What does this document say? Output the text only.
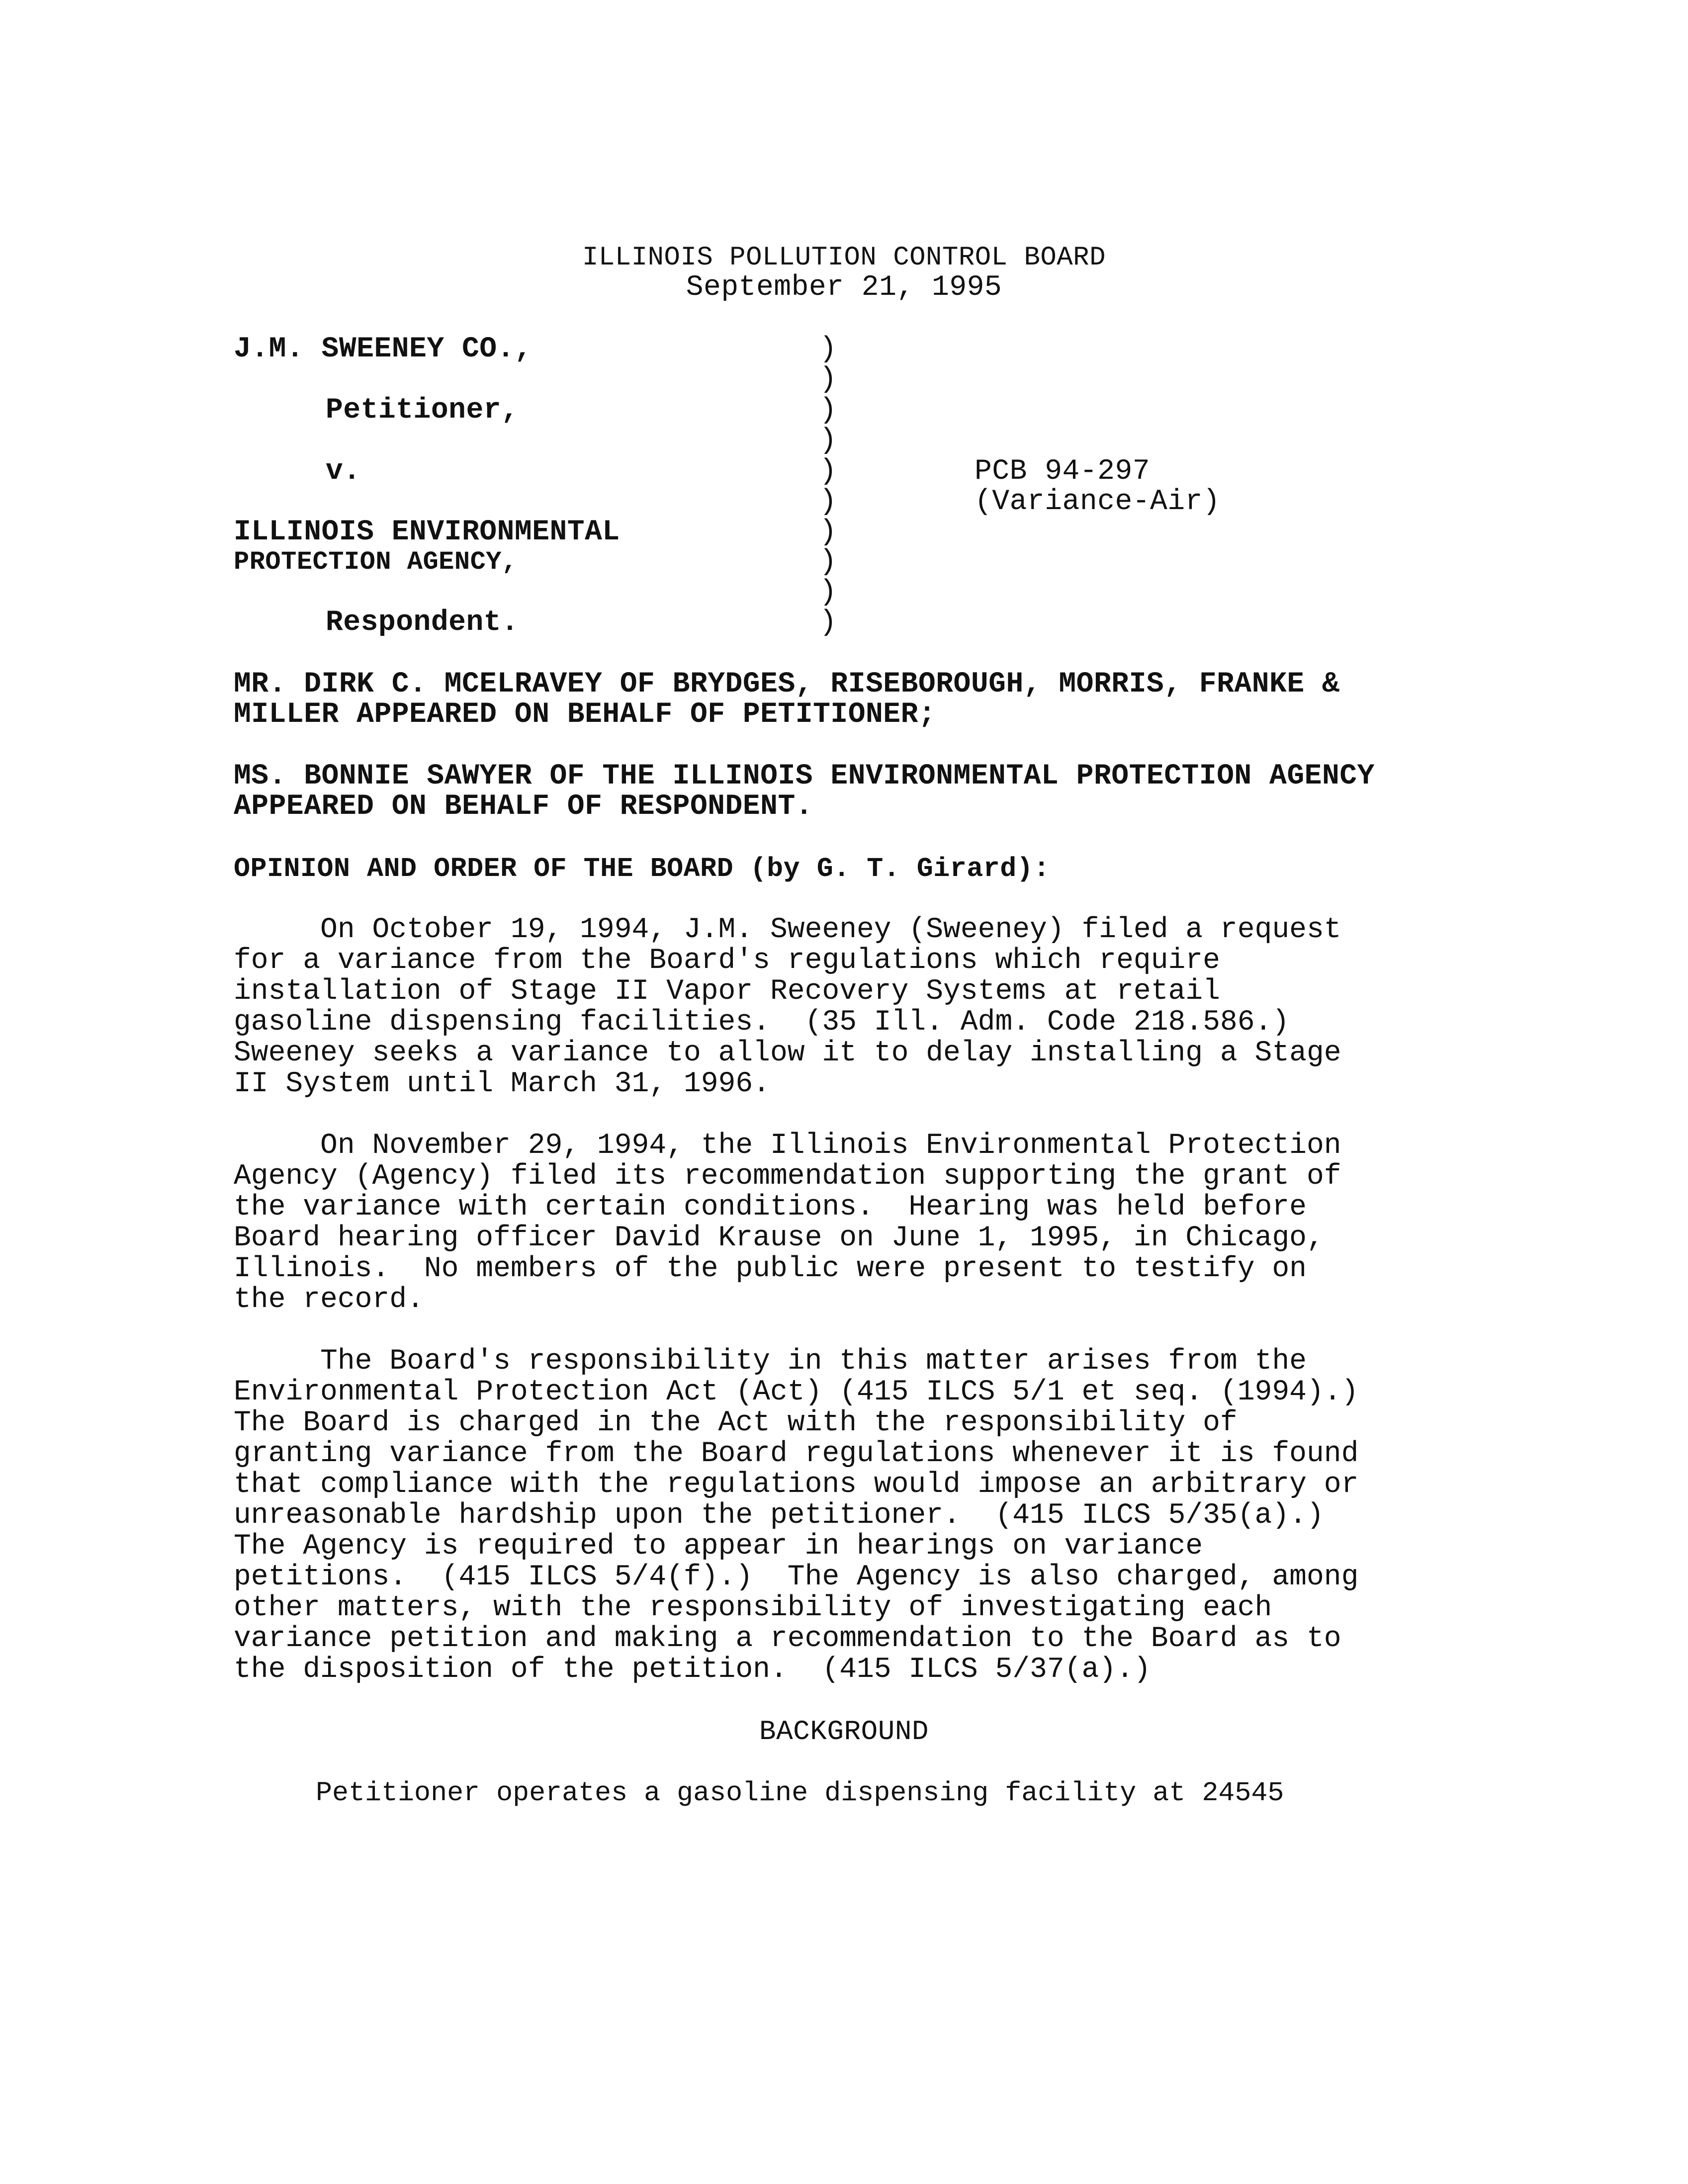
ILLINOIS POLLUTION CONTROL BOARD
September 21, 1995
J.M. SWEENEY CO.,
Petitioner,
v.
ILLINOIS ENVIRONMENTAL
PROTECTION AGENCY,
Respondent.
)
)
)
)
)
)
)
)
)
)
PCB 94-297
(Variance-Air)
MR. DIRK C. MCELRAVEY OF BRYDGES, RISEBOROUGH, MORRIS, FRANKE &
MILLER APPEARED ON BEHALF OF PETITIONER;
MS. BONNIE SAWYER OF THE ILLINOIS ENVIRONMENTAL PROTECTION AGENCY
APPEARED ON BEHALF OF RESPONDENT.
OPINION AND ORDER OF THE BOARD (by G. T. Girard):
On October 19, 1994, J.M. Sweeney (Sweeney) filed a request
for a variance from the Board's regulations which require
installation of Stage II Vapor Recovery Systems at retail
gasoline dispensing facilities.  (35 Ill. Adm. Code 218.586.)
Sweeney seeks a variance to allow it to delay installing a Stage
II System until March 31, 1996.
On November 29, 1994, the Illinois Environmental Protection
Agency (Agency) filed its recommendation supporting the grant of
the variance with certain conditions.  Hearing was held before
Board hearing officer David Krause on June 1, 1995, in Chicago,
Illinois.  No members of the public were present to testify on
the record.
The Board's responsibility in this matter arises from the
Environmental Protection Act (Act) (415 ILCS 5/1 et seq. (1994).)
The Board is charged in the Act with the responsibility of
granting variance from the Board regulations whenever it is found
that compliance with the regulations would impose an arbitrary or
unreasonable hardship upon the petitioner.  (415 ILCS 5/35(a).)
The Agency is required to appear in hearings on variance
petitions.  (415 ILCS 5/4(f).)  The Agency is also charged, among
other matters, with the responsibility of investigating each
variance petition and making a recommendation to the Board as to
the disposition of the petition.  (415 ILCS 5/37(a).)
BACKGROUND
Petitioner operates a gasoline dispensing facility at 24545
